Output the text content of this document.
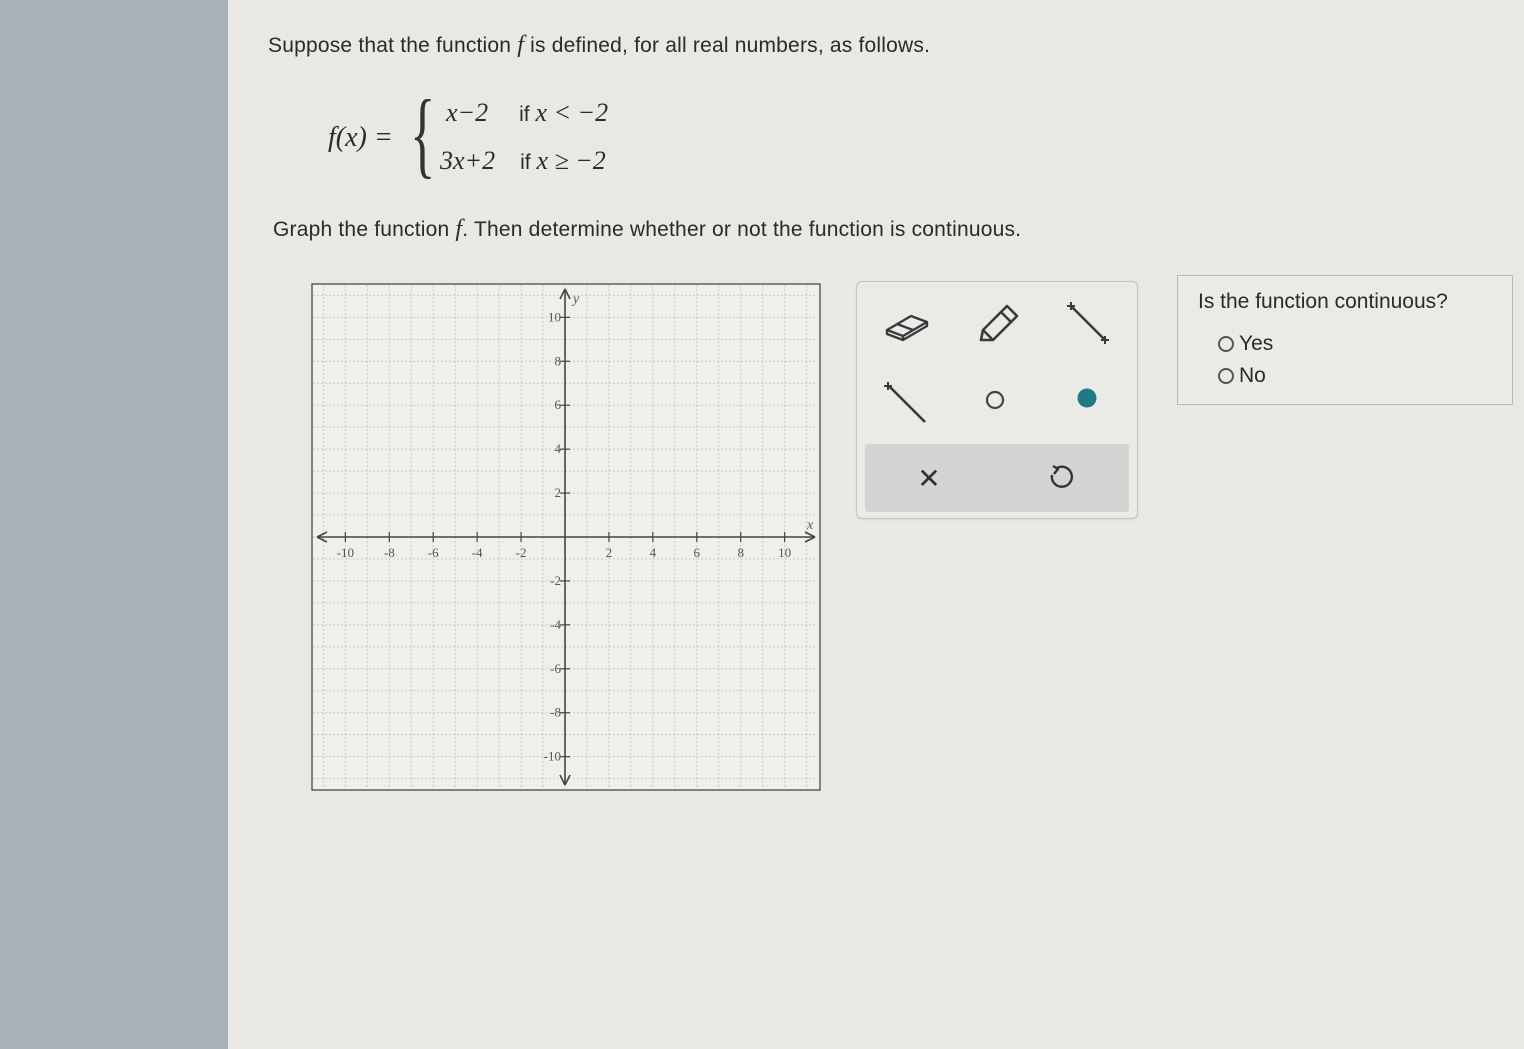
Suppose that the function f is defined, for all real numbers, as follows.
f(x) = { x−2 if x < −2
3x+2 if x ≥ −2
Graph the function f. Then determine whether or not the function is continuous.
-10
-10
-8
-8
-6
-6
-4
-4
-2
-2
2
2
4
4
6
6
8
8
10
10
x
y
✕
Is the function continuous?
Yes
No
